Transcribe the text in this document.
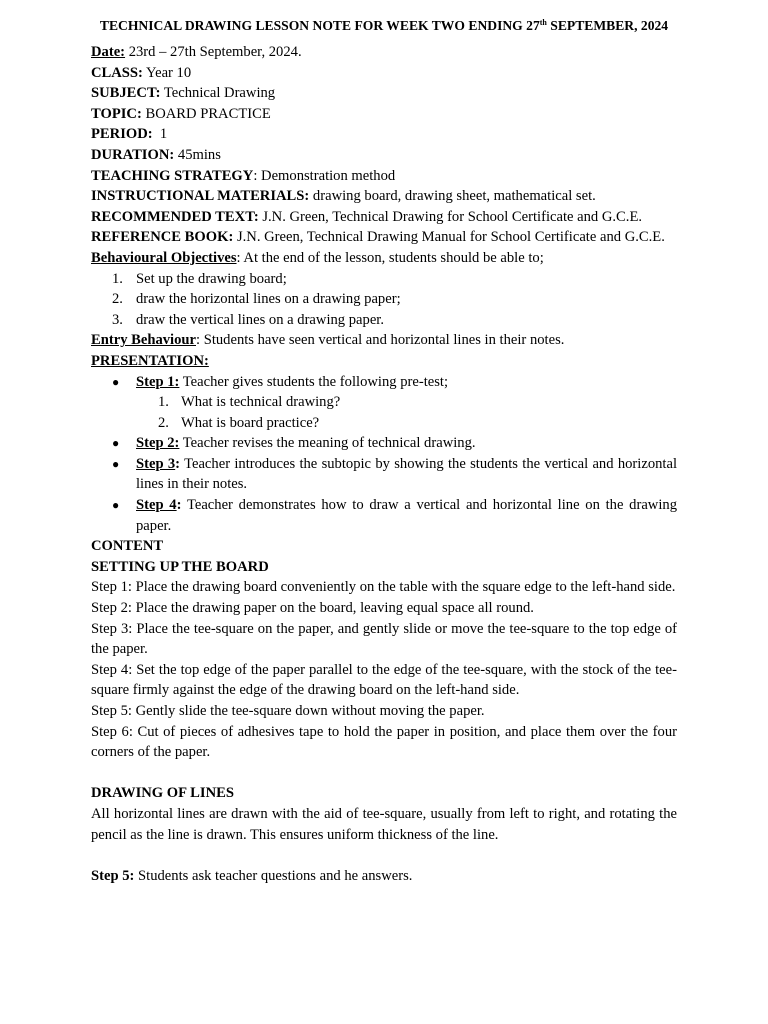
TECHNICAL DRAWING LESSON NOTE FOR WEEK TWO ENDING 27th SEPTEMBER, 2024

Date: 23rd – 27th September, 2024.

CLASS: Year 10

SUBJECT: Technical Drawing

TOPIC: BOARD PRACTICE

PERIOD:  1

DURATION: 45mins

TEACHING STRATEGY: Demonstration method

INSTRUCTIONAL MATERIALS: drawing board, drawing sheet, mathematical set.

RECOMMENDED TEXT: J.N. Green, Technical Drawing for School Certificate and G.C.E.

REFERENCE BOOK: J.N. Green, Technical Drawing Manual for School Certificate and G.C.E.

Behavioural Objectives: At the end of the lesson, students should be able to;

1. Set up the drawing board;
2. draw the horizontal lines on a drawing paper;
3. draw the vertical lines on a drawing paper.

Entry Behaviour: Students have seen vertical and horizontal lines in their notes.

PRESENTATION:

● Step 1: Teacher gives students the following pre-test;
1. What is technical drawing?
2. What is board practice?
● Step 2: Teacher revises the meaning of technical drawing.
● Step 3: Teacher introduces the subtopic by showing the students the vertical and horizontal lines in their notes.
● Step 4: Teacher demonstrates how to draw a vertical and horizontal line on the drawing paper.

CONTENT

SETTING UP THE BOARD

Step 1: Place the drawing board conveniently on the table with the square edge to the left-hand side.

Step 2: Place the drawing paper on the board, leaving equal space all round.

Step 3: Place the tee-square on the paper, and gently slide or move the tee-square to the top edge of the paper.

Step 4: Set the top edge of the paper parallel to the edge of the tee-square, with the stock of the tee- square firmly against the edge of the drawing board on the left-hand side.

Step 5: Gently slide the tee-square down without moving the paper.

Step 6: Cut of pieces of adhesives tape to hold the paper in position, and place them over the four corners of the paper.

DRAWING OF LINES

All horizontal lines are drawn with the aid of tee-square, usually from left to right, and rotating the pencil as the line is drawn. This ensures uniform thickness of the line.

Step 5: Students ask teacher questions and he answers.
